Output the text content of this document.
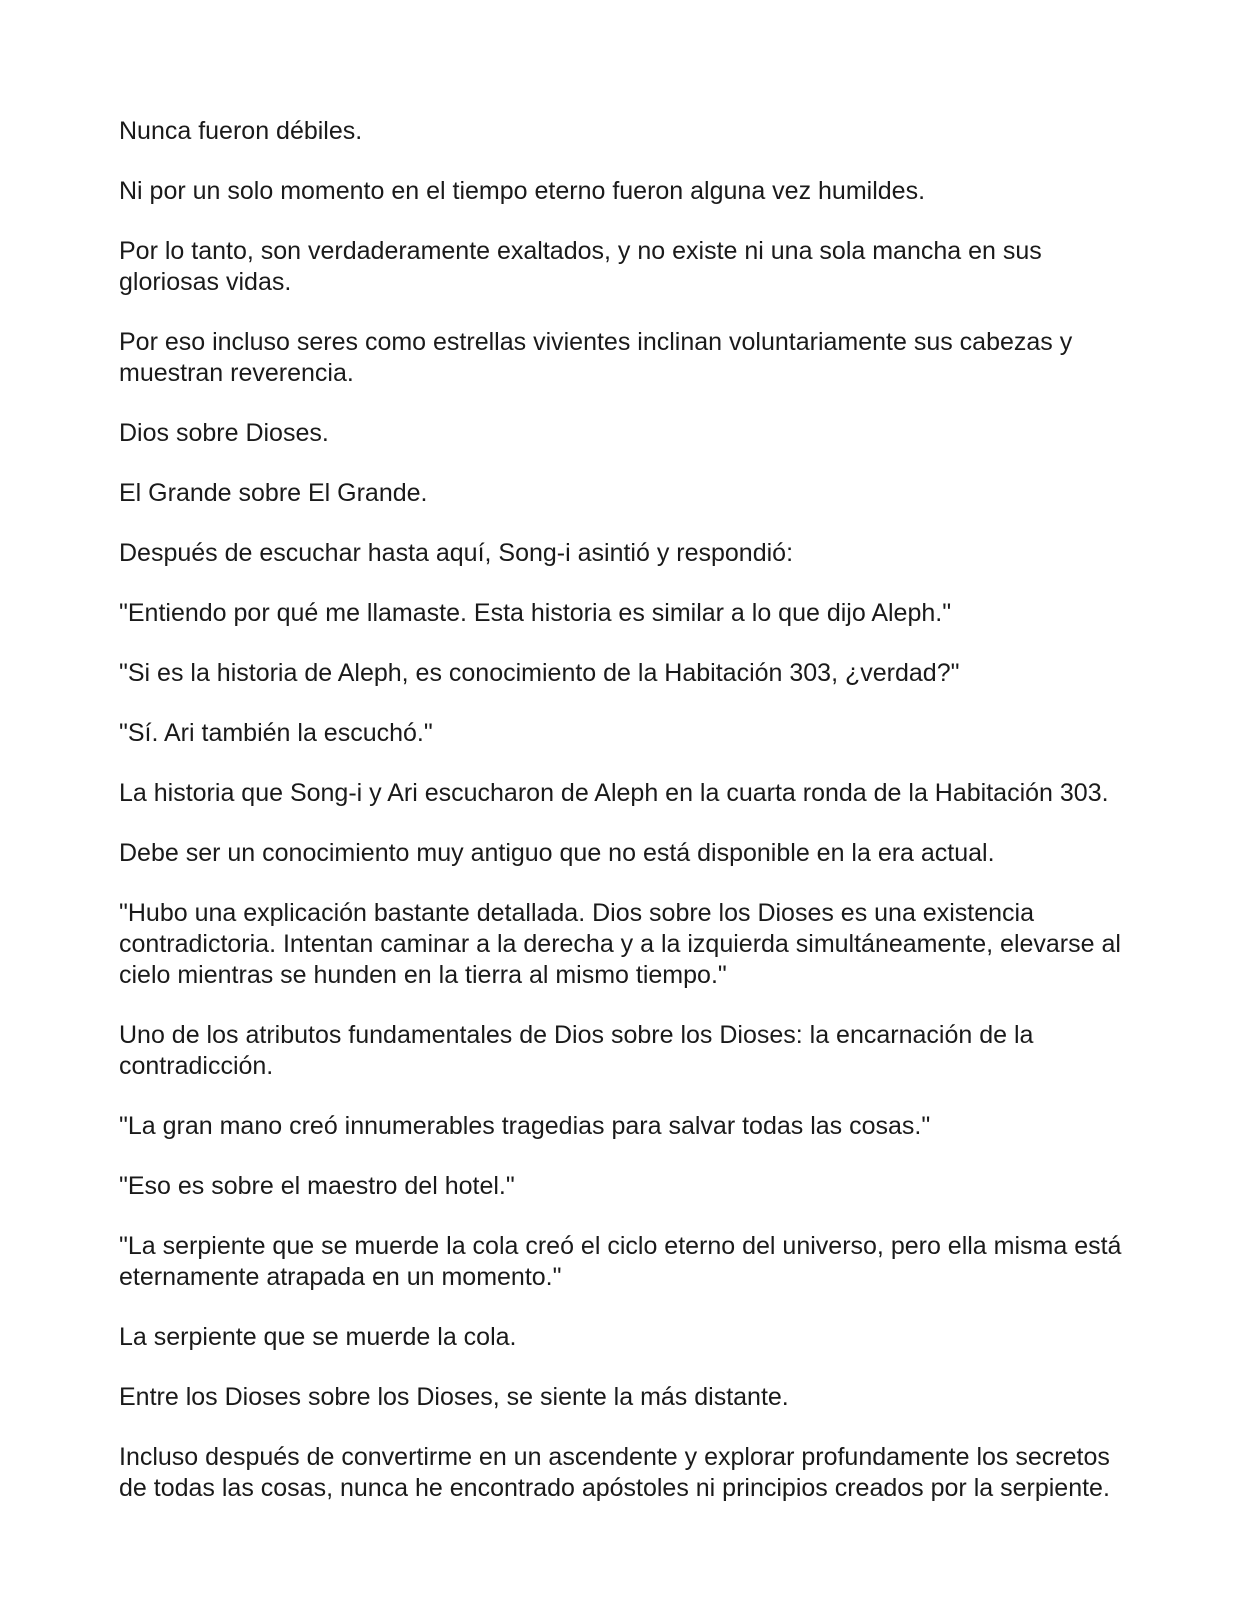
Nunca fueron débiles.

Ni por un solo momento en el tiempo eterno fueron alguna vez humildes.

Por lo tanto, son verdaderamente exaltados, y no existe ni una sola mancha en sus gloriosas vidas.

Por eso incluso seres como estrellas vivientes inclinan voluntariamente sus cabezas y muestran reverencia.

Dios sobre Dioses.

El Grande sobre El Grande.

Después de escuchar hasta aquí, Song-i asintió y respondió:

"Entiendo por qué me llamaste. Esta historia es similar a lo que dijo Aleph."

"Si es la historia de Aleph, es conocimiento de la Habitación 303, ¿verdad?"

"Sí. Ari también la escuchó."

La historia que Song-i y Ari escucharon de Aleph en la cuarta ronda de la Habitación 303.

Debe ser un conocimiento muy antiguo que no está disponible en la era actual.

"Hubo una explicación bastante detallada. Dios sobre los Dioses es una existencia contradictoria. Intentan caminar a la derecha y a la izquierda simultáneamente, elevarse al cielo mientras se hunden en la tierra al mismo tiempo."

Uno de los atributos fundamentales de Dios sobre los Dioses: la encarnación de la contradicción.

"La gran mano creó innumerables tragedias para salvar todas las cosas."

"Eso es sobre el maestro del hotel."

"La serpiente que se muerde la cola creó el ciclo eterno del universo, pero ella misma está eternamente atrapada en un momento."

La serpiente que se muerde la cola.

Entre los Dioses sobre los Dioses, se siente la más distante.

Incluso después de convertirme en un ascendente y explorar profundamente los secretos de todas las cosas, nunca he encontrado apóstoles ni principios creados por la serpiente.
